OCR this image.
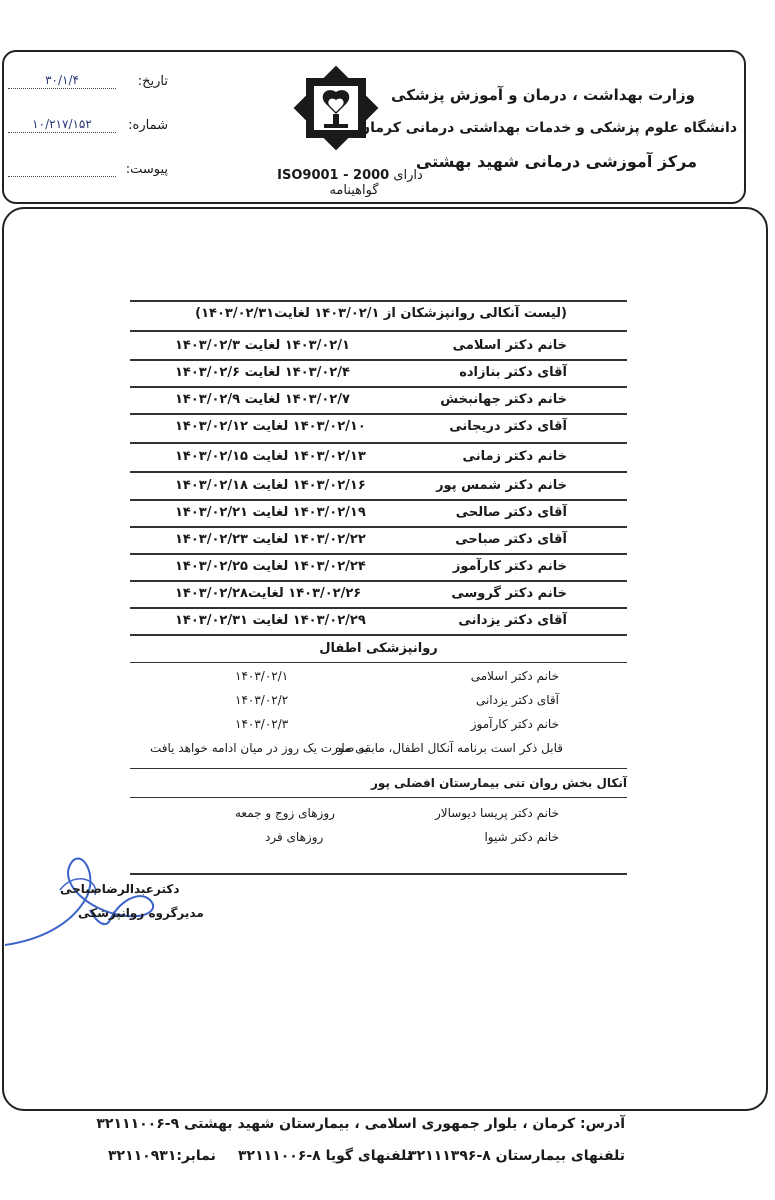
تاریخ:
۳۰/۱/۴
شماره:
۱۰/۲۱۷/۱۵۲
پیوست:	ISO9001 - 2000 دارای گواهینامه
وزارت بهداشت ، درمان و آموزش پزشکی
دانشگاه علوم پزشکی و خدمات بهداشتی درمانی کرمان
مرکز آموزشی درمانی شهید بهشتی
(لیست آنکالی روانپزشکان از ۱۴۰۳/۰۲/۱ لغایت۱۴۰۳/۰۲/۳۱)
خانم دکتر اسلامی
۱۴۰۳/۰۲/۱ لغایت ۱۴۰۳/۰۲/۳
آقای دکتر بنازاده
۱۴۰۳/۰۲/۴ لغایت ۱۴۰۳/۰۲/۶
خانم دکتر جهانبخش
۱۴۰۳/۰۲/۷ لغایت ۱۴۰۳/۰۲/۹
آقای دکتر دریجانی
۱۴۰۳/۰۲/۱۰ لغایت ۱۴۰۳/۰۲/۱۲
خانم دکتر زمانی
۱۴۰۳/۰۲/۱۳ لغایت ۱۴۰۳/۰۲/۱۵
خانم دکتر شمس پور
۱۴۰۳/۰۲/۱۶ لغایت ۱۴۰۳/۰۲/۱۸
آقای دکتر صالحی
۱۴۰۳/۰۲/۱۹ لغایت ۱۴۰۳/۰۲/۲۱
آقای دکتر صباحی
۱۴۰۳/۰۲/۲۲ لغایت ۱۴۰۳/۰۲/۲۳
خانم دکتر کارآموز
۱۴۰۳/۰۲/۲۴ لغایت ۱۴۰۳/۰۲/۲۵
خانم دکتر گروسی
۱۴۰۳/۰۲/۲۶ لغایت۱۴۰۳/۰۲/۲۸
آقای دکتر یزدانی
۱۴۰۳/۰۲/۲۹ لغایت ۱۴۰۳/۰۲/۳۱
روانپزشکی اطفال
خانم دکتر اسلامی
۱۴۰۳/۰۲/۱
آقای دکتر یزدانی
۱۴۰۳/۰۲/۲
خانم دکتر کارآموز
۱۴۰۳/۰۲/۳
قابل ذکر است برنامه آنکال اطفال، مابقی ماه
به صورت یک روز در میان ادامه خواهد یافت
آنکال بخش روان تنی بیمارستان افضلی پور
خانم دکتر پریسا دیوسالار
روزهای زوج و جمعه
خانم دکتر شیوا
روزهای فرد
دکترعبدالرضاصباحی
مدیرگروه روانپزشکی
آدرس: کرمان ، بلوار جمهوری اسلامی ، بیمارستان شهید بهشتی ۹-۳۲۱۱۱۰۰۶
تلفنهای بیمارستان ۸-۳۲۱۱۱۳۹۶
تلفنهای گویا ۸-۳۲۱۱۱۰۰۶
نمابر:۳۲۱۱۰۹۳۱
